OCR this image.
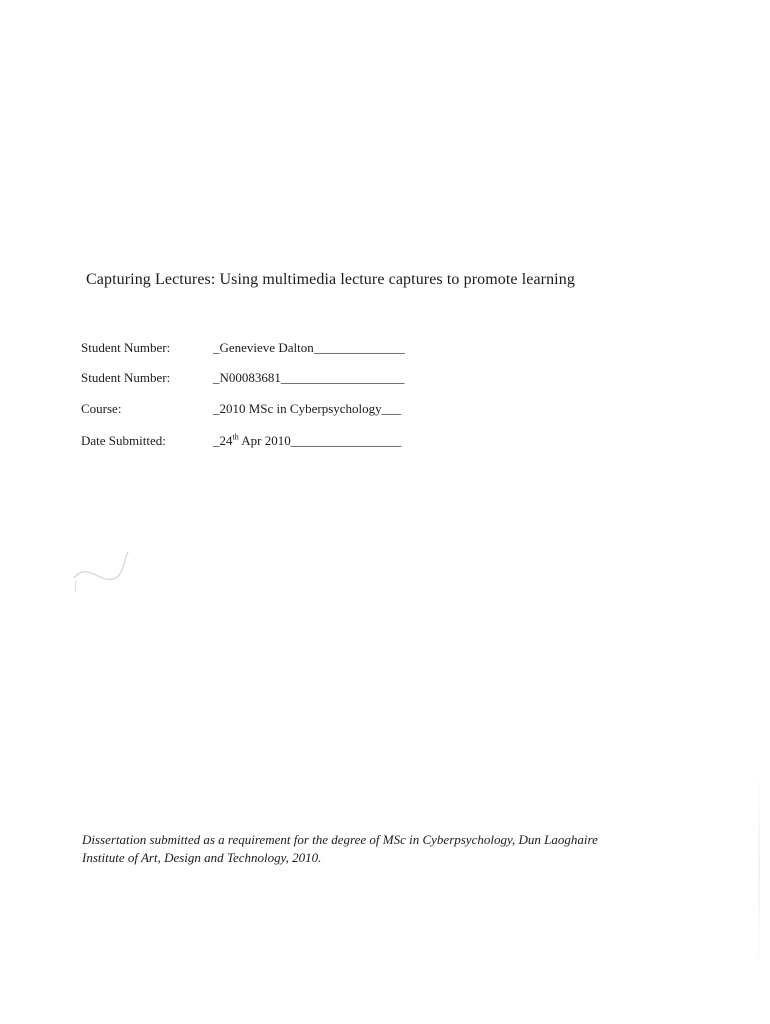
Capturing Lectures: Using multimedia lecture captures to promote learning
Student Number:	_Genevieve Dalton______________
Student Number:	_N00083681___________________
Course:	_2010 MSc in Cyberpsychology___
Date Submitted:	_24th Apr 2010_________________
Dissertation submitted as a requirement for the degree of MSc in Cyberpsychology, Dun Laoghaire Institute of Art, Design and Technology, 2010.
